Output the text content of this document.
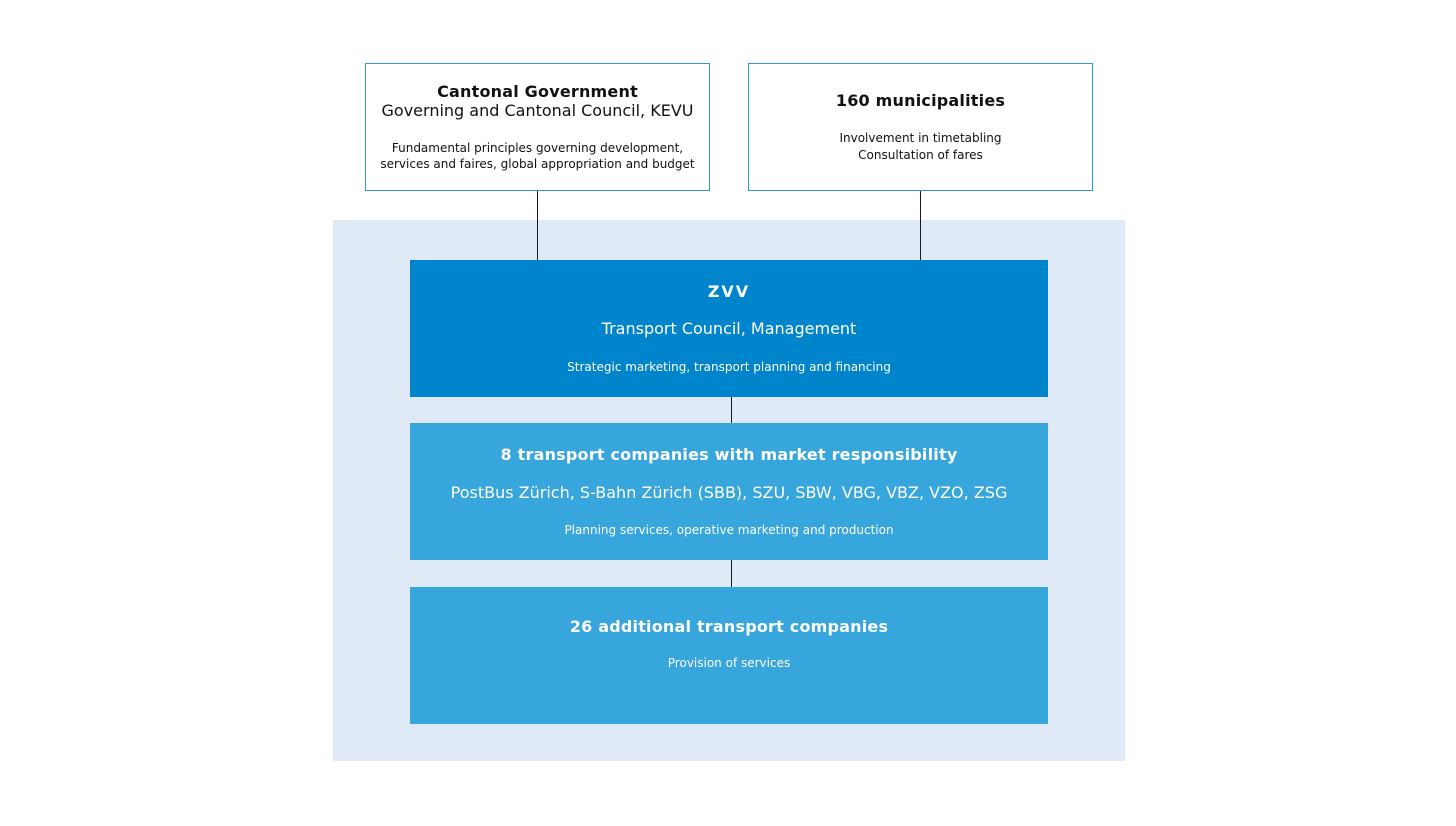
Cantonal Government
Governing and Cantonal Council, KEVU
Fundamental principles governing development,
services and faires, global appropriation and budget
160 municipalities
Involvement in timetabling
Consultation of fares
ZVV
Transport Council, Management
Strategic marketing, transport planning and financing
8 transport companies with market responsibility
PostBus Zürich, S-Bahn Zürich (SBB), SZU, SBW, VBG, VBZ, VZO, ZSG
Planning services, operative marketing and production
26 additional transport companies
Provision of services
